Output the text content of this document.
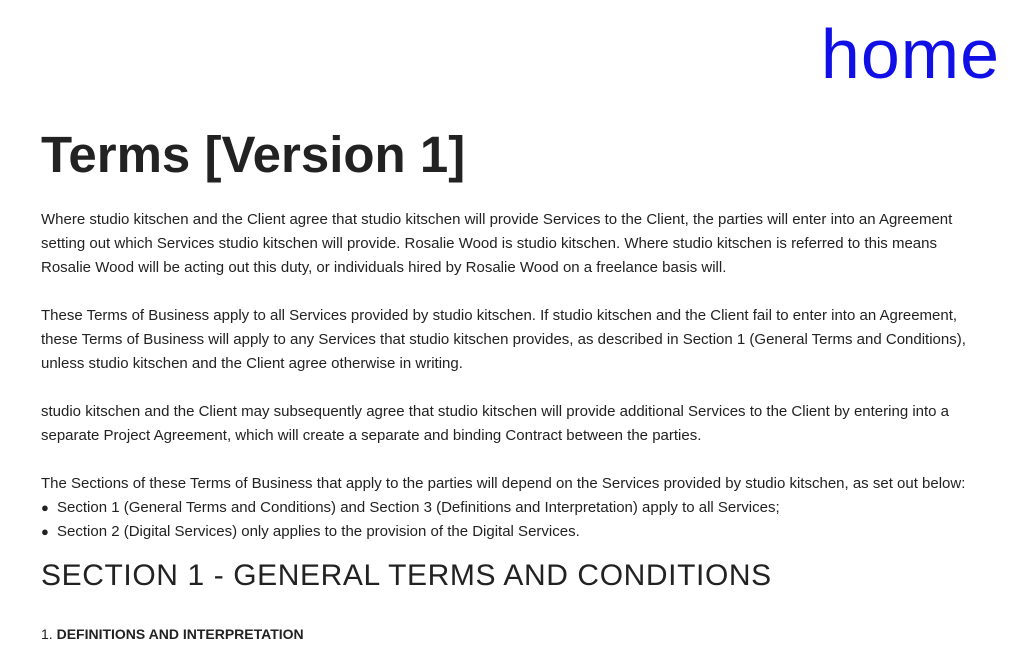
home
Terms [Version 1]

Where studio kitschen and the Client agree that studio kitschen will provide Services to the Client, the parties will enter into an Agreement setting out which Services studio kitschen will provide. Rosalie Wood is studio kitschen. Where studio kitschen is referred to this means Rosalie Wood will be acting out this duty, or individuals hired by Rosalie Wood on a freelance basis will.

These Terms of Business apply to all Services provided by studio kitschen. If studio kitschen and the Client fail to enter into an Agreement, these Terms of Business will apply to any Services that studio kitschen provides, as described in Section 1 (General Terms and Conditions), unless studio kitschen and the Client agree otherwise in writing.

studio kitschen and the Client may subsequently agree that studio kitschen will provide additional Services to the Client by entering into a separate Project Agreement, which will create a separate and binding Contract between the parties.

The Sections of these Terms of Business that apply to the parties will depend on the Services provided by studio kitschen, as set out below:

● Section 1 (General Terms and Conditions) and Section 3 (Definitions and Interpretation) apply to all Services;
● Section 2 (Digital Services) only applies to the provision of the Digital Services.
SECTION 1 - GENERAL TERMS AND CONDITIONS
1. DEFINITIONS AND INTERPRETATION
